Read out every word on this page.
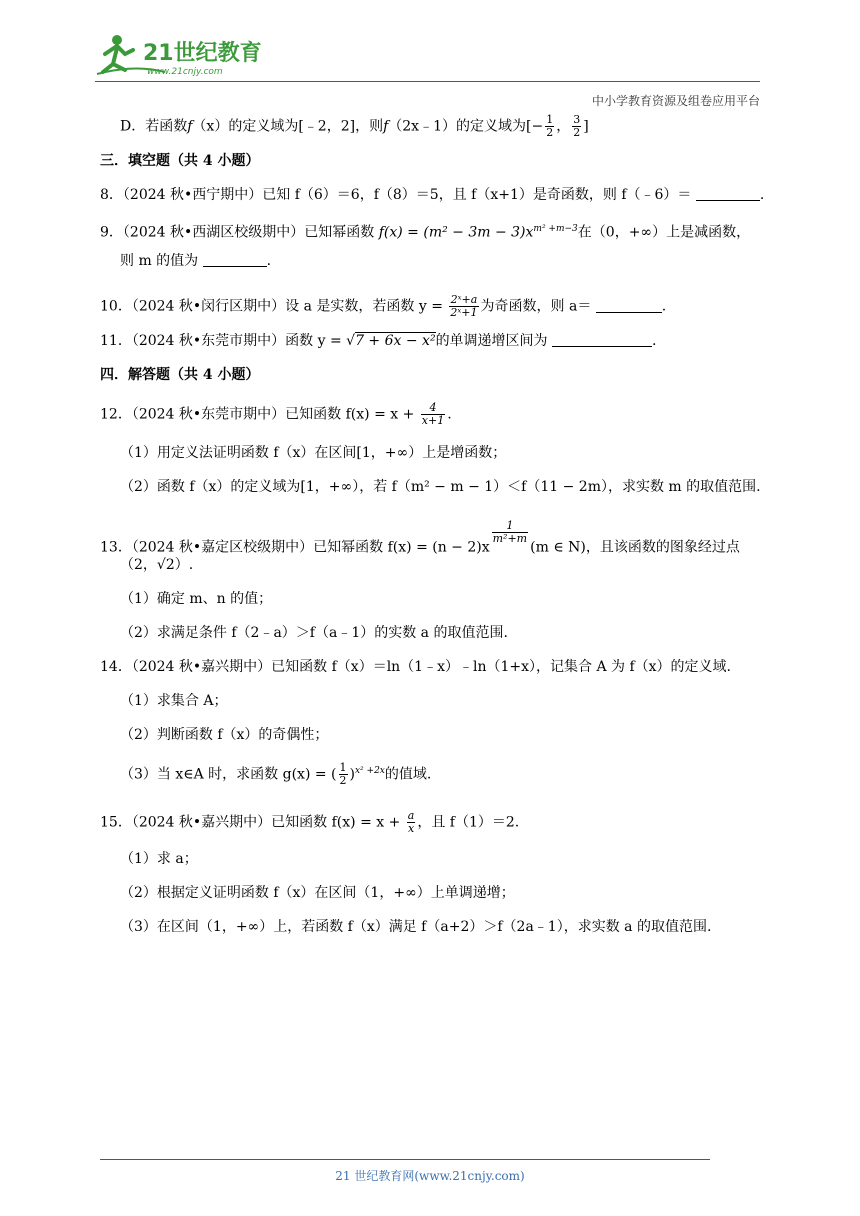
21世纪教育
www.21cnjy.com
中小学教育资源及组卷应用平台
D．若函数f（x）的定义域为[﹣2，2]，则f（2x﹣1）的定义域为[− $\frac{1}{2}$ ， $\frac{3}{2}$ ]
三．填空题（共 4 小题）
8．（2024 秋•西宁期中）已知 f（6）＝6，f（8）＝5，且 f（x+1）是奇函数，则 f（﹣6）＝	.
9．（2024 秋•西湖区校级期中）已知幂函数 $f(x) = (m^2 - 3m - 3)x^{m^2 +m-3}$在（0，+∞）上是减函数，
则 m 的值为	.
10．（2024 秋•闵行区期中）设 a 是实数，若函数 $y = \frac{\text{2ˣ+a}}{\text{2ˣ+1}}$ 为奇函数，则 a＝	.
11．（2024 秋•东莞市期中）函数 y = √7 + 6x − x²的单调递增区间为	.
四．解答题（共 4 小题）
12．（2024 秋•东莞市期中）已知函数 $f(x) = x + \frac{4}{x+1}$ .
（1）用定义法证明函数 f（x）在区间[1，+∞）上是增函数；
（2）函数 f（x）的定义域为[1，+∞），若 f（m² − m − 1）＜f（11 − 2m），求实数 m 的取值范围.
13．（2024 秋•嘉定区校级期中）已知幂函数 f(x) = (n − 2)x
$^{\frac{1}{\text{m²+m}}}$
(m ∈ N)，且该函数的图象经过点
（2，√2）.
（1）确定 m、n 的值；
（2）求满足条件 f（2﹣a）＞f（a﹣1）的实数 a 的取值范围.
14．（2024 秋•嘉兴期中）已知函数 f（x）＝ln（1﹣x）﹣ln（1+x），记集合 A 为 f（x）的定义域.
（1）求集合 A；
（2）判断函数 f（x）的奇偶性；
（3）当 x∈A 时，求函数 g(x) = ( $\frac{1}{2} )^{x^2 +2x}$的值域.
15．（2024 秋•嘉兴期中）已知函数 $f(x) = x + \frac{a}{x}$ ，且 f（1）＝2.
（1）求 a；
（2）根据定义证明函数 f（x）在区间（1，+∞）上单调递增；
（3）在区间（1，+∞）上，若函数 f（x）满足 f（a+2）＞f（2a﹣1），求实数 a 的取值范围.
21 世纪教育网(www.21cnjy.com)
